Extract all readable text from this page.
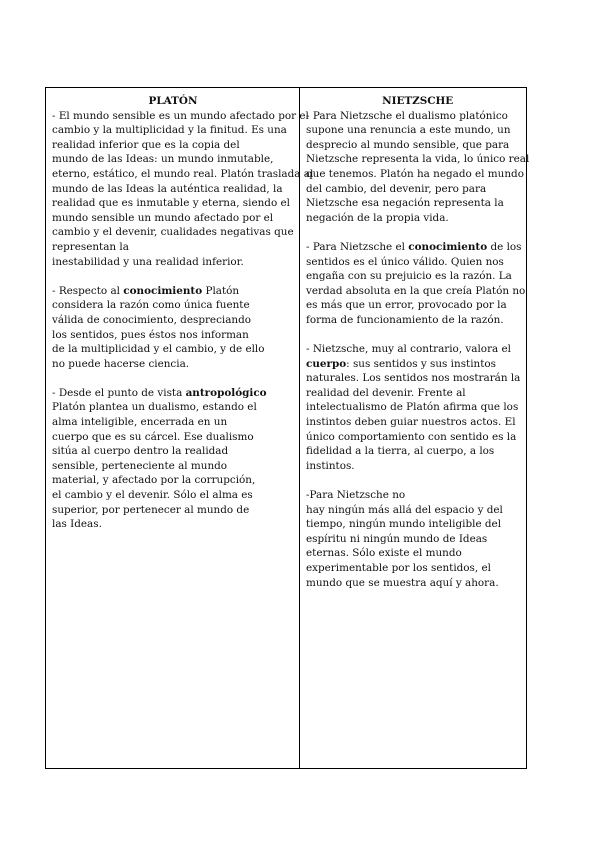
PLATÓN
- El mundo sensible es un mundo afectado por el
cambio y la multiplicidad y la finitud. Es una
realidad inferior que es la copia del
mundo de las Ideas: un mundo inmutable,
eterno, estático, el mundo real. Platón traslada al
mundo de las Ideas la auténtica realidad, la
realidad que es inmutable y eterna, siendo el
mundo sensible un mundo afectado por el
cambio y el devenir, cualidades negativas que
representan la
inestabilidad y una realidad inferior.
- Respecto al conocimiento Platón
considera la razón como única fuente
válida de conocimiento, despreciando
los sentidos, pues éstos nos informan
de la multiplicidad y el cambio, y de ello
no puede hacerse ciencia.
- Desde el punto de vista antropológico
Platón plantea un dualismo, estando el
alma inteligible, encerrada en un
cuerpo que es su cárcel. Ese dualismo
sitúa al cuerpo dentro la realidad
sensible, perteneciente al mundo
material, y afectado por la corrupción,
el cambio y el devenir. Sólo el alma es
superior, por pertenecer al mundo de
las Ideas.
NIETZSCHE
- Para Nietzsche el dualismo platónico
supone una renuncia a este mundo, un
desprecio al mundo sensible, que para
Nietzsche representa la vida, lo único real
que tenemos. Platón ha negado el mundo
del cambio, del devenir, pero para
Nietzsche esa negación representa la
negación de la propia vida.
- Para Nietzsche el conocimiento de los
sentidos es el único válido. Quien nos
engaña con su prejuicio es la razón. La
verdad absoluta en la que creía Platón no
es más que un error, provocado por la
forma de funcionamiento de la razón.
- Nietzsche, muy al contrario, valora el
cuerpo: sus sentidos y sus instintos
naturales. Los sentidos nos mostrarán la
realidad del devenir. Frente al
intelectualismo de Platón afirma que los
instintos deben guiar nuestros actos. El
único comportamiento con sentido es la
fidelidad a la tierra, al cuerpo, a los
instintos.
-Para Nietzsche no
hay ningún más allá del espacio y del
tiempo, ningún mundo inteligible del
espíritu ni ningún mundo de Ideas
eternas. Sólo existe el mundo
experimentable por los sentidos, el
mundo que se muestra aquí y ahora.
